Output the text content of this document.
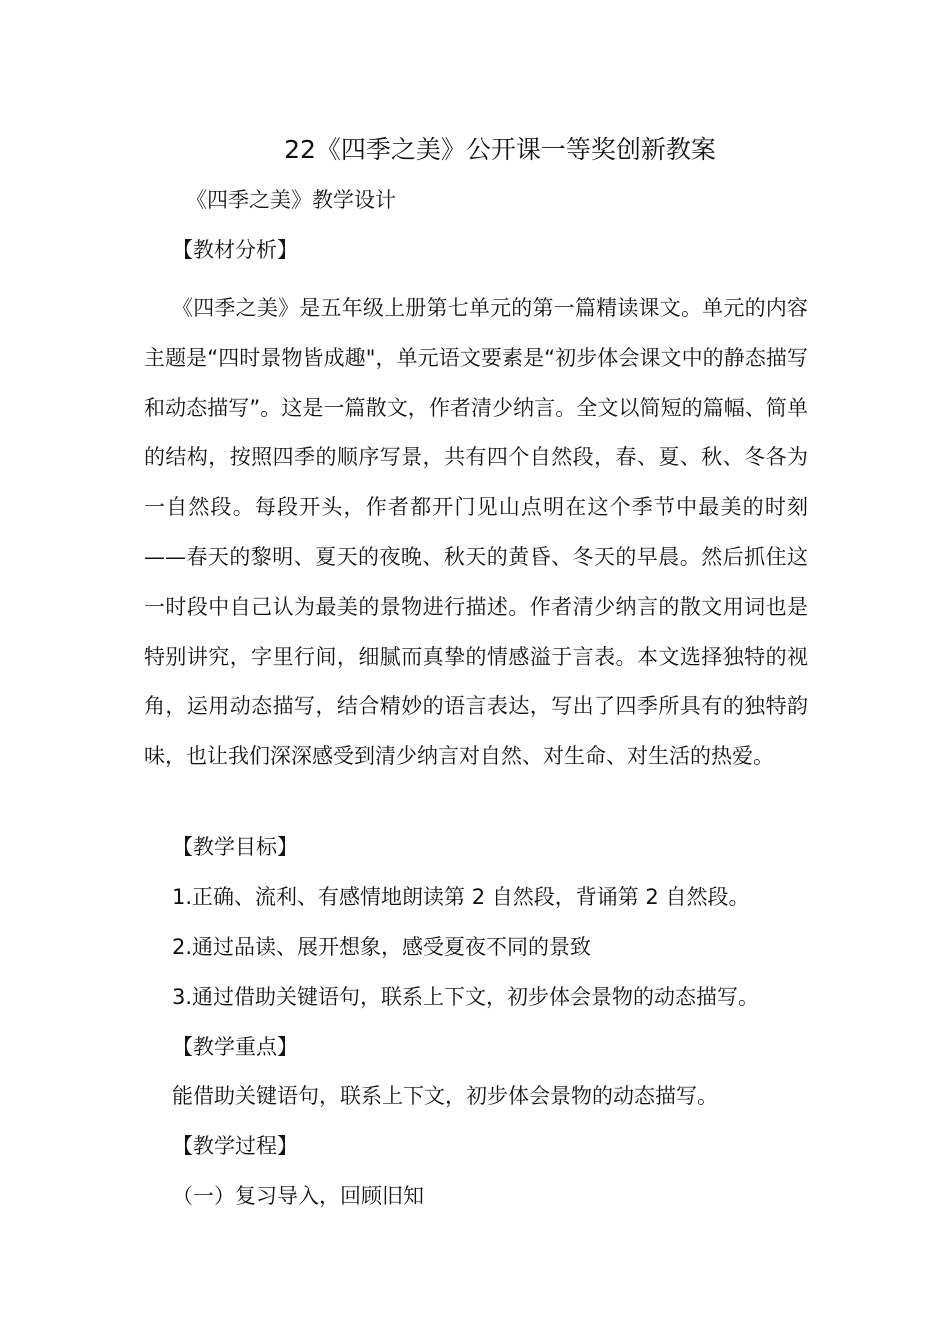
22《四季之美》公开课一等奖创新教案
《四季之美》教学设计
【教材分析】
《四季之美》是五年级上册第七单元的第一篇精读课文。单元的内容主题是“四时景物皆成趣"，单元语文要素是“初步体会课文中的静态描写和动态描写”。这是一篇散文，作者清少纳言。全文以简短的篇幅、简单的结构，按照四季的顺序写景，共有四个自然段，春、夏、秋、冬各为一自然段。每段开头，作者都开门见山点明在这个季节中最美的时刻——春天的黎明、夏天的夜晚、秋天的黄昏、冬天的早晨。然后抓住这一时段中自己认为最美的景物进行描述。作者清少纳言的散文用词也是特别讲究，字里行间，细腻而真挚的情感溢于言表。本文选择独特的视角，运用动态描写，结合精妙的语言表达，写出了四季所具有的独特韵味，也让我们深深感受到清少纳言对自然、对生命、对生活的热爱。
【教学目标】
1.正确、流利、有感情地朗读第 2 自然段，背诵第 2 自然段。
2.通过品读、展开想象，感受夏夜不同的景致
3.通过借助关键语句，联系上下文，初步体会景物的动态描写。
【教学重点】
能借助关键语句，联系上下文，初步体会景物的动态描写。
【教学过程】
（一）复习导入，回顾旧知
